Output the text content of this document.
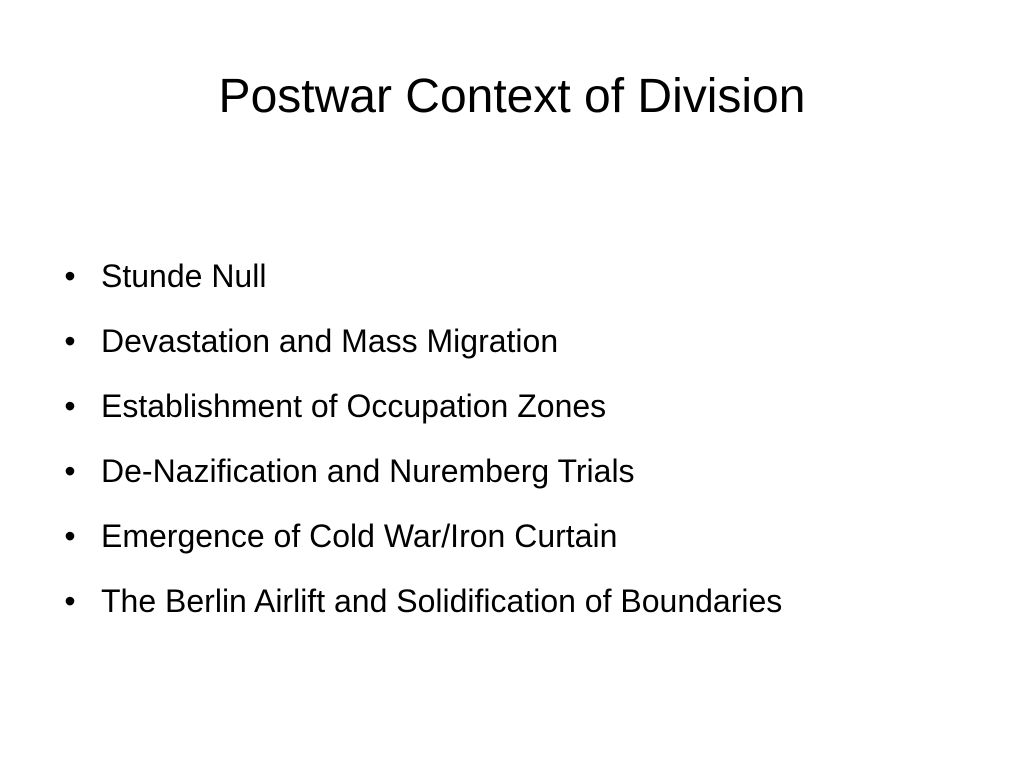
Postwar Context of Division
• Stunde Null
• Devastation and Mass Migration
• Establishment of Occupation Zones
• De-Nazification and Nuremberg Trials
• Emergence of Cold War/Iron Curtain
• The Berlin Airlift and Solidification of Boundaries
